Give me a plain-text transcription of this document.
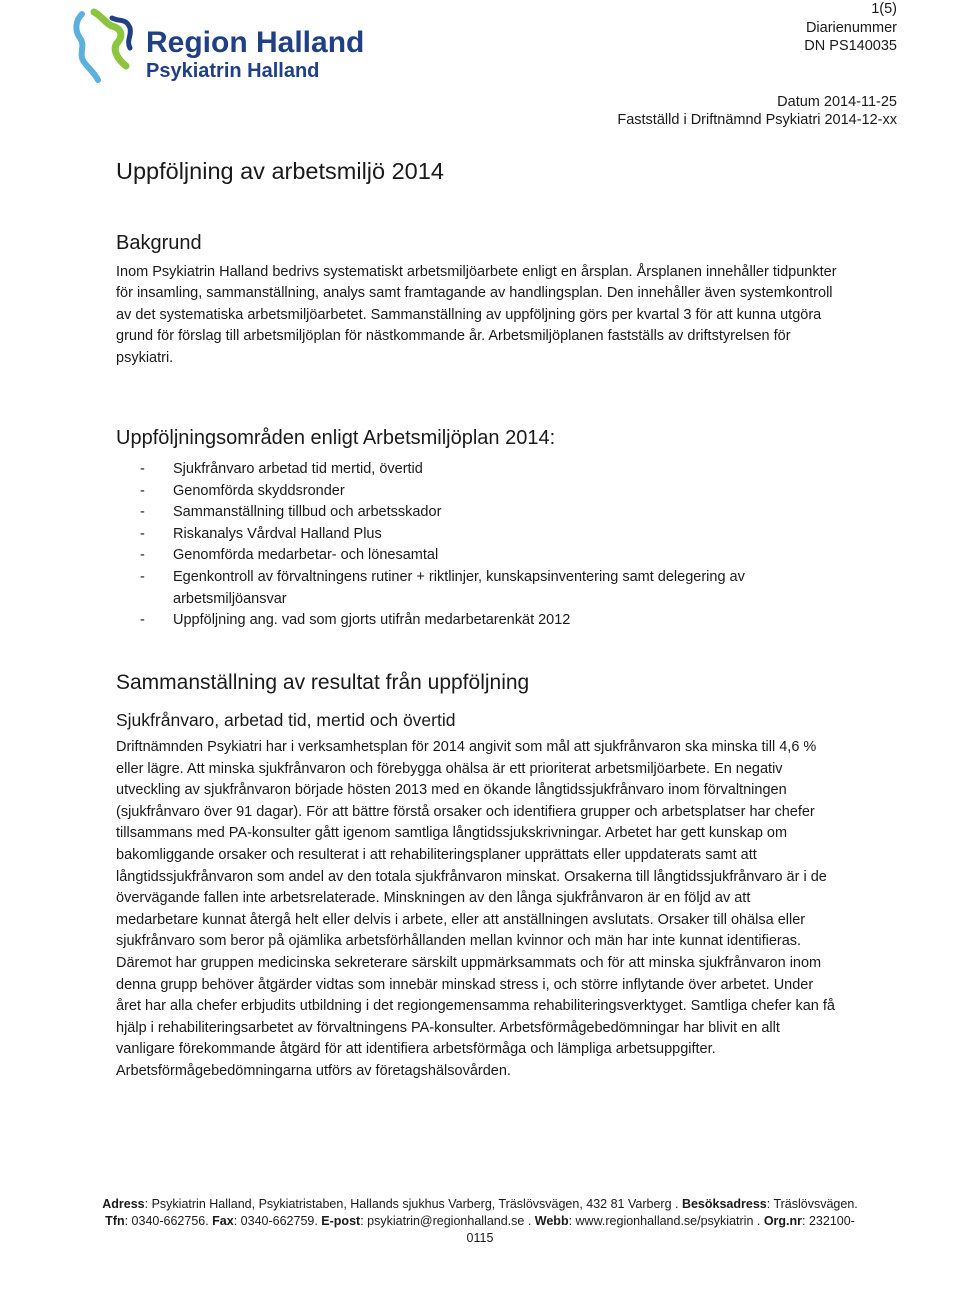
Region Halland
Psykiatrin Halland
1(5)
Diarienummer
DN PS140035
Datum 2014-11-25
Fastställd i Driftnämnd Psykiatri 2014-12-xx
Uppföljning av arbetsmiljö 2014
Bakgrund

Inom Psykiatrin Halland bedrivs systematiskt arbetsmiljöarbete enligt en årsplan. Årsplanen innehåller tidpunkter för insamling, sammanställning, analys samt framtagande av handlingsplan. Den innehåller även systemkontroll av det systematiska arbetsmiljöarbetet. Sammanställning av uppföljning görs per kvartal 3 för att kunna utgöra grund för förslag till arbetsmiljöplan för nästkommande år. Arbetsmiljöplanen fastställs av driftstyrelsen för psykiatri.

Uppföljningsområden enligt Arbetsmiljöplan 2014:
- Sjukfrånvaro arbetad tid mertid, övertid
- Genomförda skyddsronder
- Sammanställning tillbud och arbetsskador
- Riskanalys Vårdval Halland Plus
- Genomförda medarbetar- och lönesamtal
- Egenkontroll av förvaltningens rutiner + riktlinjer, kunskapsinventering samt delegering av arbetsmiljöansvar
- Uppföljning ang. vad som gjorts utifrån medarbetarenkät 2012
Sammanställning av resultat från uppföljning
Sjukfrånvaro, arbetad tid, mertid och övertid

Driftnämnden Psykiatri har i verksamhetsplan för 2014 angivit som mål att sjukfrånvaron ska minska till 4,6 % eller lägre. Att minska sjukfrånvaron och förebygga ohälsa är ett prioriterat arbetsmiljöarbete. En negativ utveckling av sjukfrånvaron började hösten 2013 med en ökande långtidssjukfrånvaro inom förvaltningen (sjukfrånvaro över 91 dagar). För att bättre förstå orsaker och identifiera grupper och arbetsplatser har chefer tillsammans med PA-konsulter gått igenom samtliga långtidssjukskrivningar. Arbetet har gett kunskap om bakomliggande orsaker och resulterat i att rehabiliteringsplaner upprättats eller uppdaterats samt att långtidssjukfrånvaron som andel av den totala sjukfrånvaron minskat. Orsakerna till långtidssjukfrånvaro är i de övervägande fallen inte arbetsrelaterade. Minskningen av den långa sjukfrånvaron är en följd av att medarbetare kunnat återgå helt eller delvis i arbete, eller att anställningen avslutats. Orsaker till ohälsa eller sjukfrånvaro som beror på ojämlika arbetsförhållanden mellan kvinnor och män har inte kunnat identifieras. Däremot har gruppen medicinska sekreterare särskilt uppmärksammats och för att minska sjukfrånvaron inom denna grupp behöver åtgärder vidtas som innebär minskad stress i, och större inflytande över arbetet. Under året har alla chefer erbjudits utbildning i det regiongemensamma rehabiliteringsverktyget. Samtliga chefer kan få hjälp i rehabiliteringsarbetet av förvaltningens PA-konsulter. Arbetsförmågebedömningar har blivit en allt vanligare förekommande åtgärd för att identifiera arbetsförmåga och lämpliga arbetsuppgifter. Arbetsförmågebedömningarna utförs av företagshälsovården.

Adress: Psykiatrin Halland, Psykiatristaben, Hallands sjukhus Varberg, Träslövsvägen, 432 81 Varberg . Besöksadress: Träslövsvägen. Tfn: 0340-662756. Fax: 0340-662759. E-post: psykiatrin@regionhalland.se . Webb: www.regionhalland.se/psykiatrin . Org.nr: 232100-0115
